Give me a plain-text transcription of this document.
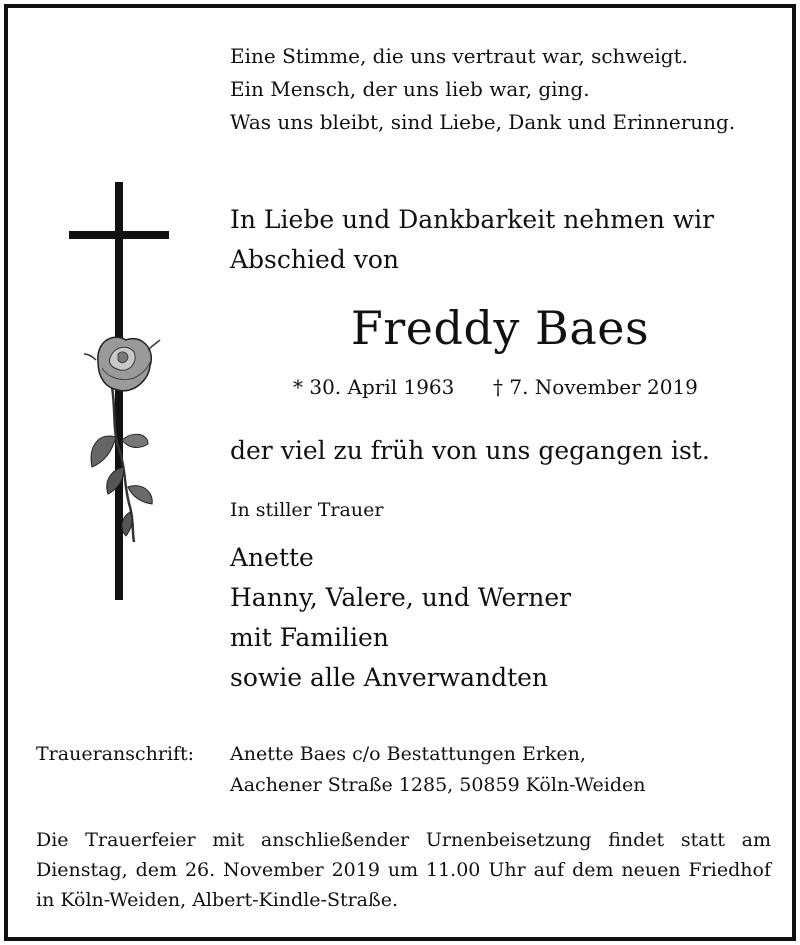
Eine Stimme, die uns vertraut war, schweigt.
Ein Mensch, der uns lieb war, ging.
Was uns bleibt, sind Liebe, Dank und Erinnerung.
In Liebe und Dankbarkeit nehmen wir
Abschied von
Freddy Baes
* 30. April 1963 † 7. November 2019
der viel zu früh von uns gegangen ist.
In stiller Trauer
Anette
Hanny, Valere, und Werner
mit Familien
sowie alle Anverwandten
Traueranschrift: Anette Baes c/o Bestattungen Erken,
Aachener Straße 1285, 50859 Köln-Weiden

Die Trauerfeier mit anschließender Urnenbeisetzung findet statt am

Dienstag, dem 26. November 2019 um 11.00 Uhr auf dem neuen Friedhof

in Köln-Weiden, Albert-Kindle-Straße.
